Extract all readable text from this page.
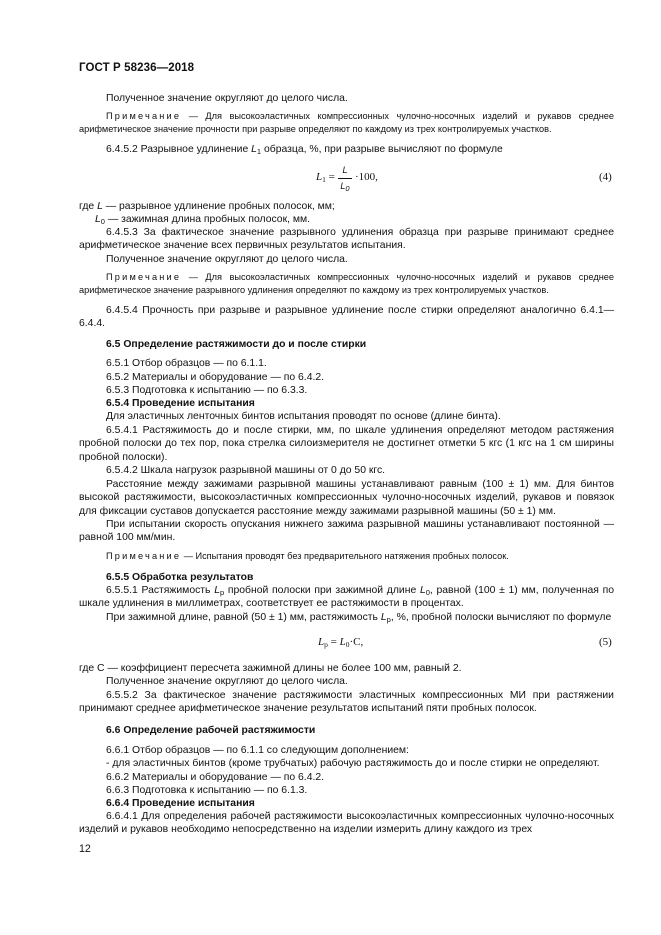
ГОСТ Р 58236—2018
Полученное значение округляют до целого числа.
Примечание — Для высокоэластичных компрессионных чулочно-носочных изделий и рукавов среднее арифметическое значение прочности при разрыве определяют по каждому из трех контролируемых участков.
6.4.5.2 Разрывное удлинение $L_1$ образца, %, при разрыве вычисляют по формуле
$L_1$ =
L
$L_0$
·100,	(4)
где L — разрывное удлинение пробных полосок, мм;
$L_0$ — зажимная длина пробных полосок, мм.
6.4.5.3 За фактическое значение разрывного удлинения образца при разрыве принимают среднее арифметическое значение всех первичных результатов испытания.
Полученное значение округляют до целого числа.
Примечание — Для высокоэластичных компрессионных чулочно-носочных изделий и рукавов среднее арифметическое значение разрывного удлинения определяют по каждому из трех контролируемых участков.
6.4.5.4 Прочность при разрыве и разрывное удлинение после стирки определяют аналогично 6.4.1—6.4.4.
6.5 Определение растяжимости до и после стирки
6.5.1 Отбор образцов — по 6.1.1.
6.5.2 Материалы и оборудование — по 6.4.2.
6.5.3 Подготовка к испытанию — по 6.3.3.
6.5.4 Проведение испытания
Для эластичных ленточных бинтов испытания проводят по основе (длине бинта).
6.5.4.1 Растяжимость до и после стирки, мм, по шкале удлинения определяют методом растяжения пробной полоски до тех пор, пока стрелка силоизмерителя не достигнет отметки 5 кгс (1 кгс на 1 см ширины пробной полоски).
6.5.4.2 Шкала нагрузок разрывной машины от 0 до 50 кгс.
Расстояние между зажимами разрывной машины устанавливают равным (100 ± 1) мм. Для бинтов высокой растяжимости, высокоэластичных компрессионных чулочно-носочных изделий, рукавов и повязок для фиксации суставов допускается расстояние между зажимами разрывной машины (50 ± 1) мм.
При испытании скорость опускания нижнего зажима разрывной машины устанавливают постоянной — равной 100 мм/мин.
Примечание — Испытания проводят без предварительного натяжения пробных полосок.
6.5.5 Обработка результатов
6.5.5.1 Растяжимость $L_р$ пробной полоски при зажимной длине $L_0$, равной (100 ± 1) мм, полученная по шкале удлинения в миллиметрах, соответствует ее растяжимости в процентах.
При зажимной длине, равной (50 ± 1) мм, растяжимость $L_р$, %, пробной полоски вычисляют по формуле
$L_р = L_0\cdot С$,	(5)
где С — коэффициент пересчета зажимной длины не более 100 мм, равный 2.
Полученное значение округляют до целого числа.
6.5.5.2 За фактическое значение растяжимости эластичных компрессионных МИ при растяжении принимают среднее арифметическое значение результатов испытаний пяти пробных полосок.
6.6 Определение рабочей растяжимости
6.6.1 Отбор образцов — по 6.1.1 со следующим дополнением:
- для эластичных бинтов (кроме трубчатых) рабочую растяжимость до и после стирки не определяют.
6.6.2 Материалы и оборудование — по 6.4.2.
6.6.3 Подготовка к испытанию — по 6.1.3.
6.6.4 Проведение испытания
6.6.4.1 Для определения рабочей растяжимости высокоэластичных компрессионных чулочно-носочных изделий и рукавов необходимо непосредственно на изделии измерить длину каждого из трех
12
